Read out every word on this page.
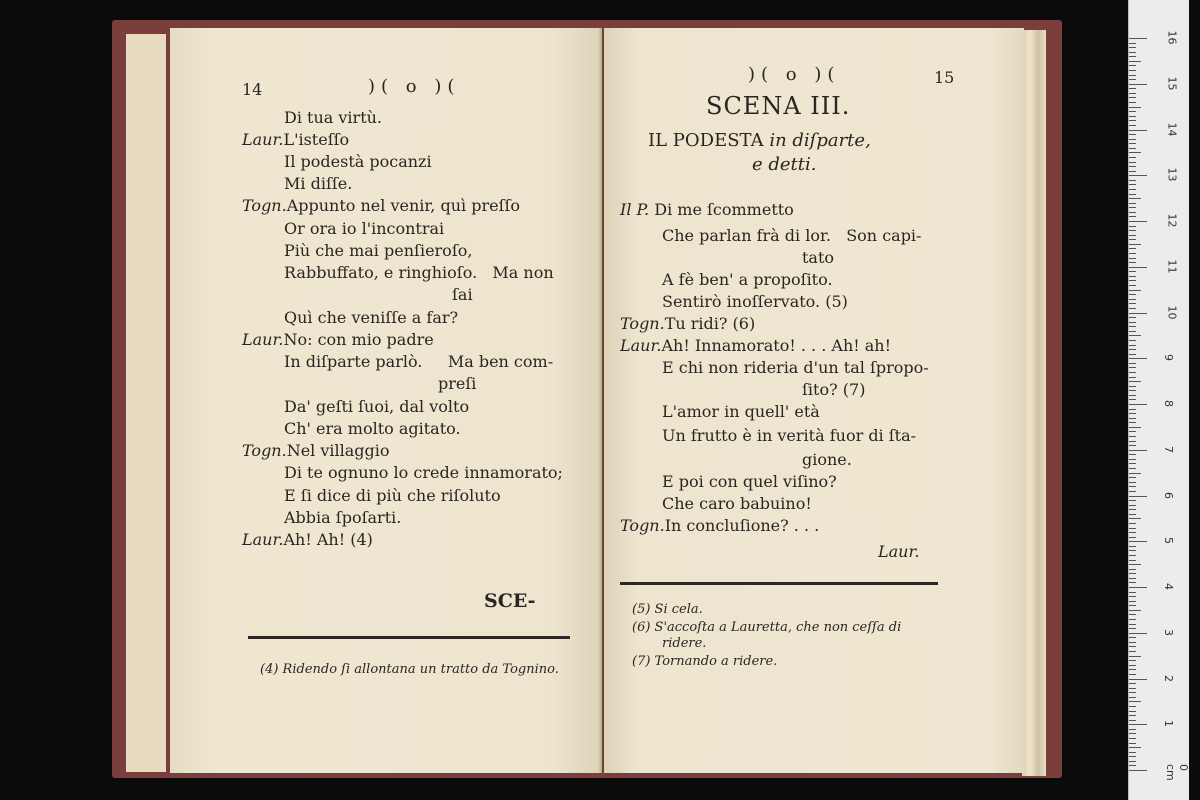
14	)( o )(
Di tua virtù.
Laur.L'isteſſo
Il podestà pocanzi
Mi diſſe.
Togn.Appunto nel venir, quì preſſo
Or ora io l'incontrai
Più che mai penſieroſo,
Rabbuffato, e ringhioſo.   Ma non
ſai
Quì che veniſſe a far?
Laur.No: con mio padre
In diſparte parlò.     Ma ben com-
preſi
Da' geſti ſuoi, dal volto
Ch' era molto agitato.
Togn.Nel villaggio
Di te ognuno lo crede innamorato;
E ſi dice di più che riſoluto
Abbia ſpoſarti.
Laur.Ah! Ah! (4)
SCE-
(4) Ridendo ſi allontana un tratto da Tognino.
)( o )(	15
SCENA III.
IL PODESTA in diſparte,
e detti.
Il P. Di me ſcommetto
Che parlan frà di lor.   Son capi-
tato
A fè ben' a propoſito.
Sentirò inoſſervato. (5)
Togn.Tu ridi? (6)
Laur.Ah! Innamorato! . . . Ah! ah!
E chi non rideria d'un tal ſpropo-
ſito? (7)
L'amor in quell' età
Un frutto è in verità fuor di ſta-
gione.
E poi con quel viſino?
Che caro babuino!
Togn.In concluſione? . . .
Laur.
(5) Si cela.
(6) S'accoſta a Lauretta, che non ceſſa di
ridere.
(7) Tornando a ridere.
16
15
14
13
12
11
10
9
8
7
6
5
4
3
2
1
0 cm
